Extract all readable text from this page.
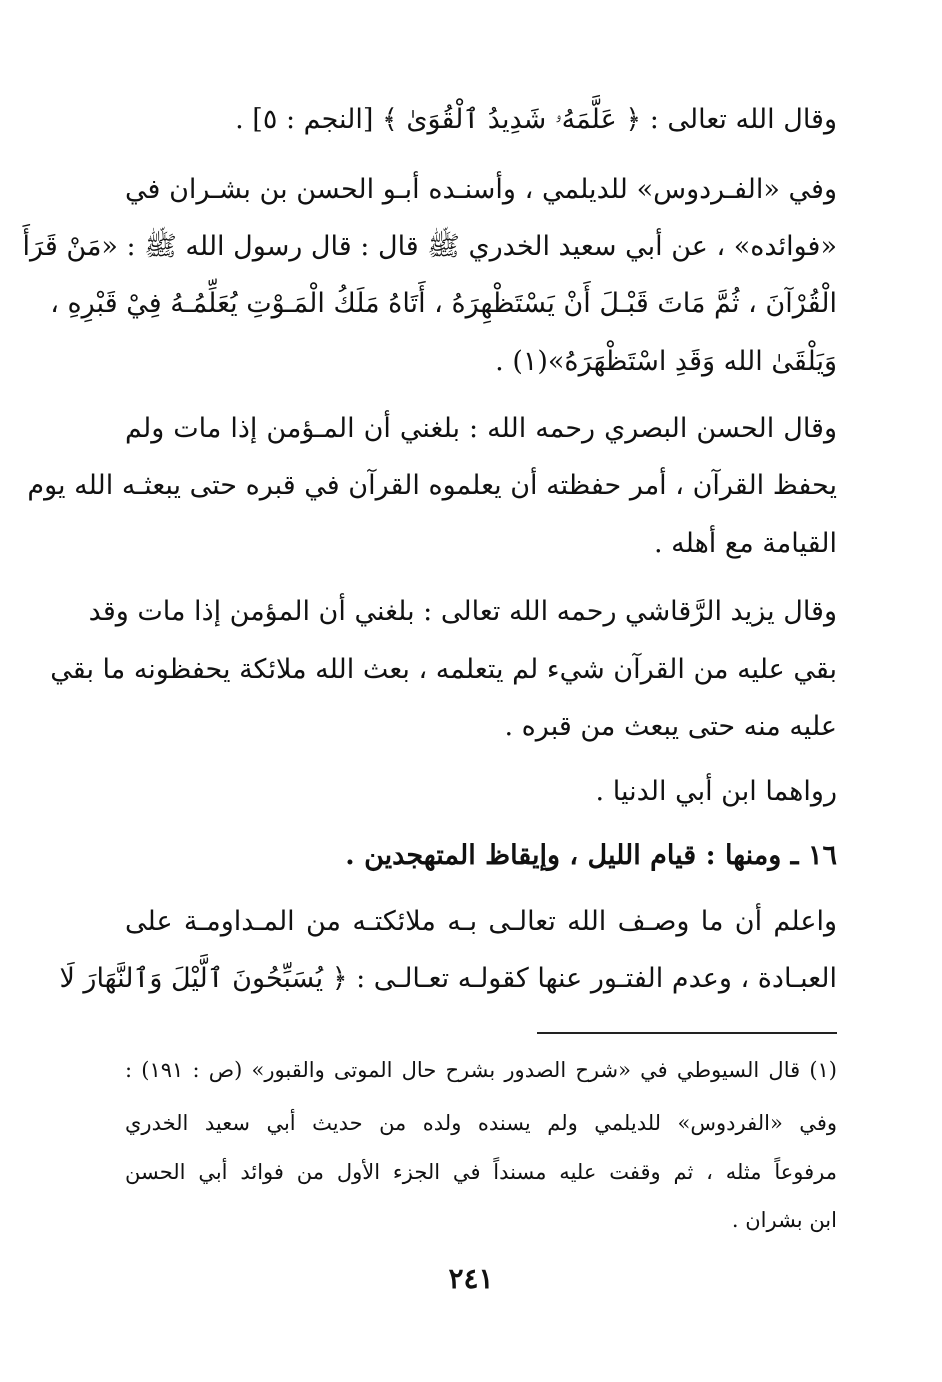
وقال الله تعالى : ﴿ عَلَّمَهُۥ شَدِيدُ ٱلْقُوَىٰ ﴾ [النجم : ٥] .
وفي «الفـردوس» للديلمي ، وأسنـده أبـو الحسن بن بشـران في
«فوائده» ، عن أبي سعيد الخدري ﷺ قال : قال رسول الله ﷺ : «مَنْ قَرَأَ
الْقُرْآنَ ، ثُمَّ مَاتَ قَبْـلَ أَنْ يَسْتَظْهِرَهُ ، أَتَاهُ مَلَكُ الْمَـوْتِ يُعَلِّمُـهُ فِيْ قَبْرِهِ ،
وَيَلْقَىٰ الله وَقَدِ اسْتَظْهَرَهُ»(١) .
وقال الحسن البصري رحمه الله : بلغني أن المـؤمن إذا مات ولم
يحفظ القرآن ، أمر حفظته أن يعلموه القرآن في قبره حتى يبعثـه الله يوم
القيامة مع أهله .
وقال يزيد الرَّقاشي رحمه الله تعالى : بلغني أن المؤمن إذا مات وقد
بقي عليه من القرآن شيء لم يتعلمه ، بعث الله ملائكة يحفظونه ما بقي
عليه منه حتى يبعث من قبره .
رواهما ابن أبي الدنيا .
١٦ ـ ومنها : قيام الليل ، وإيقاظ المتهجدين .
واعلم أن ما وصـف الله تعالـى بـه ملائكتـه من المـداومـة على
العبـادة ، وعدم الفتـور عنها كقولـه تعـالـى : ﴿ يُسَبِّحُونَ ٱلَّيْلَ وَٱلنَّهَارَ لَا
(١) قال السيوطي في «شرح الصدور بشرح حال الموتى والقبور» (ص : ١٩١) :
وفي «الفردوس» للديلمي ولم يسنده ولده من حديث أبي سعيد الخدري
مرفوعاً مثله ، ثم وقفت عليه مسنداً في الجزء الأول من فوائد أبي الحسن
ابن بشران .
٢٤١
